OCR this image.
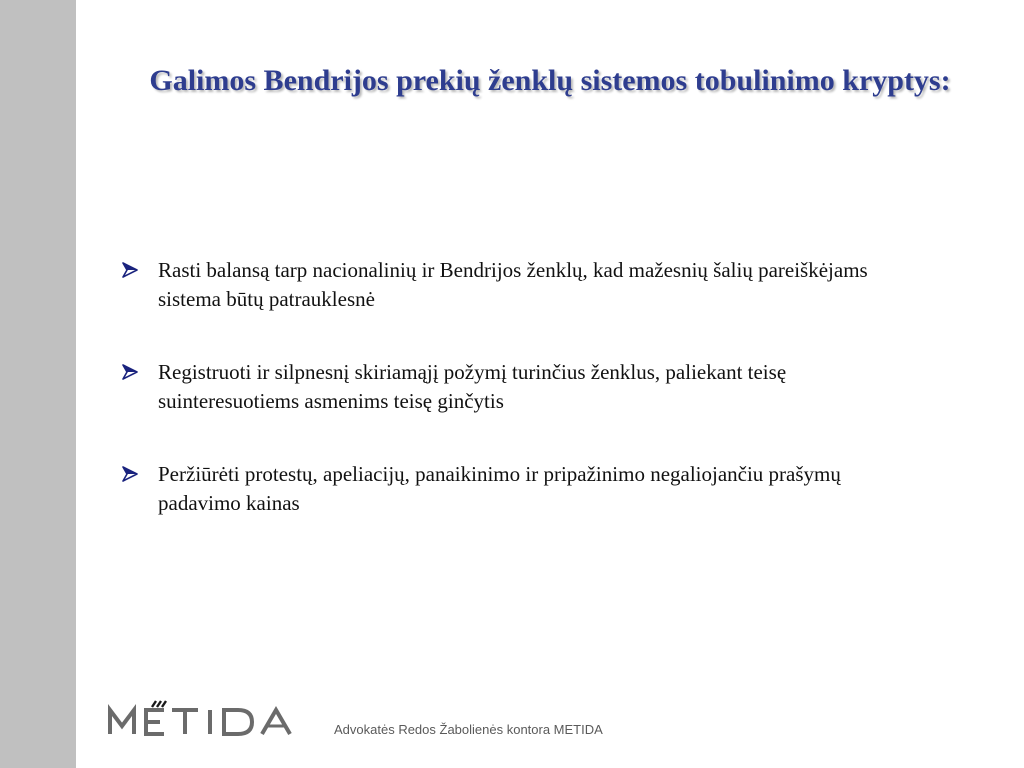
Galimos Bendrijos prekių ženklų sistemos tobulinimo kryptys:
Rasti balansą tarp nacionalinių ir Bendrijos ženklų, kad mažesnių šalių pareiškėjams sistema būtų patrauklesnė
Registruoti ir silpnesnį skiriamąjį požymį turinčius ženklus, paliekant teisę suinteresuotiems asmenims teisę ginčytis
Peržiūrėti protestų, apeliacijų, panaikinimo ir pripažinimo negaliojančiu prašymų padavimo kainas
Advokatės Redos Žabolienės kontora METIDA
